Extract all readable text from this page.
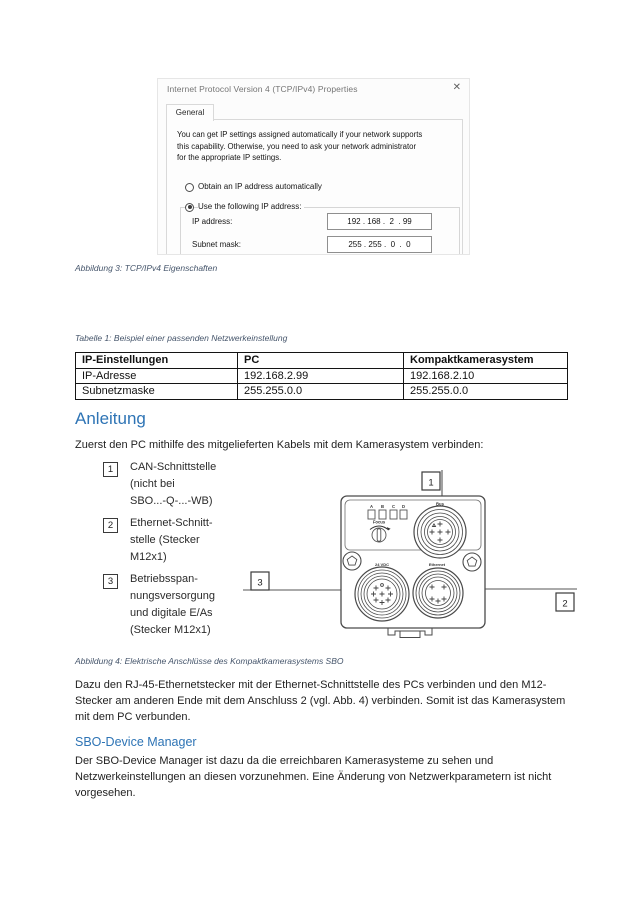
Internet Protocol Version 4 (TCP/IPv4) Properties	✕
General
You can get IP settings assigned automatically if your network supports
this capability. Otherwise, you need to ask your network administrator
for the appropriate IP settings.
Obtain an IP address automatically
Use the following IP address:
IP address:	192 . 168 .  2  . 99
Subnet mask:	255 . 255 .  0  .  0
Abbildung 3: TCP/IPv4 Eigenschaften
Tabelle 1: Beispiel einer passenden Netzwerkeinstellung
IP-Einstellungen	PC	Kompaktkamerasystem
IP-Adresse	192.168.2.99	192.168.2.10
Subnetzmaske	255.255.0.0	255.255.0.0
Anleitung
Zuerst den PC mithilfe des mitgelieferten Kabels mit dem Kamerasystem verbinden:
1	CAN-Schnittstelle
(nicht bei
SBO...-Q-...-WB)
2	Ethernet-Schnitt-
stelle (Stecker
M12x1)
3	Betriebsspan-
nungsversorgung
und digitale E/As
(Stecker M12x1)
A B C D
Focus
Bus
24 VDC	Ethernet
1
3
2
Abbildung 4: Elektrische Anschlüsse des Kompaktkamerasystems SBO
Dazu den RJ-45-Ethernetstecker mit der Ethernet-Schnittstelle des PCs verbinden und den M12-Stecker am anderen Ende mit dem Anschluss 2 (vgl. Abb. 4) verbinden. Somit ist das Kamerasystem mit dem PC verbunden.
SBO-Device Manager
Der SBO-Device Manager ist dazu da die erreichbaren Kamerasysteme zu sehen und Netzwerkeinstellungen an diesen vorzunehmen. Eine Änderung von Netzwerkparametern ist nicht vorgesehen.
